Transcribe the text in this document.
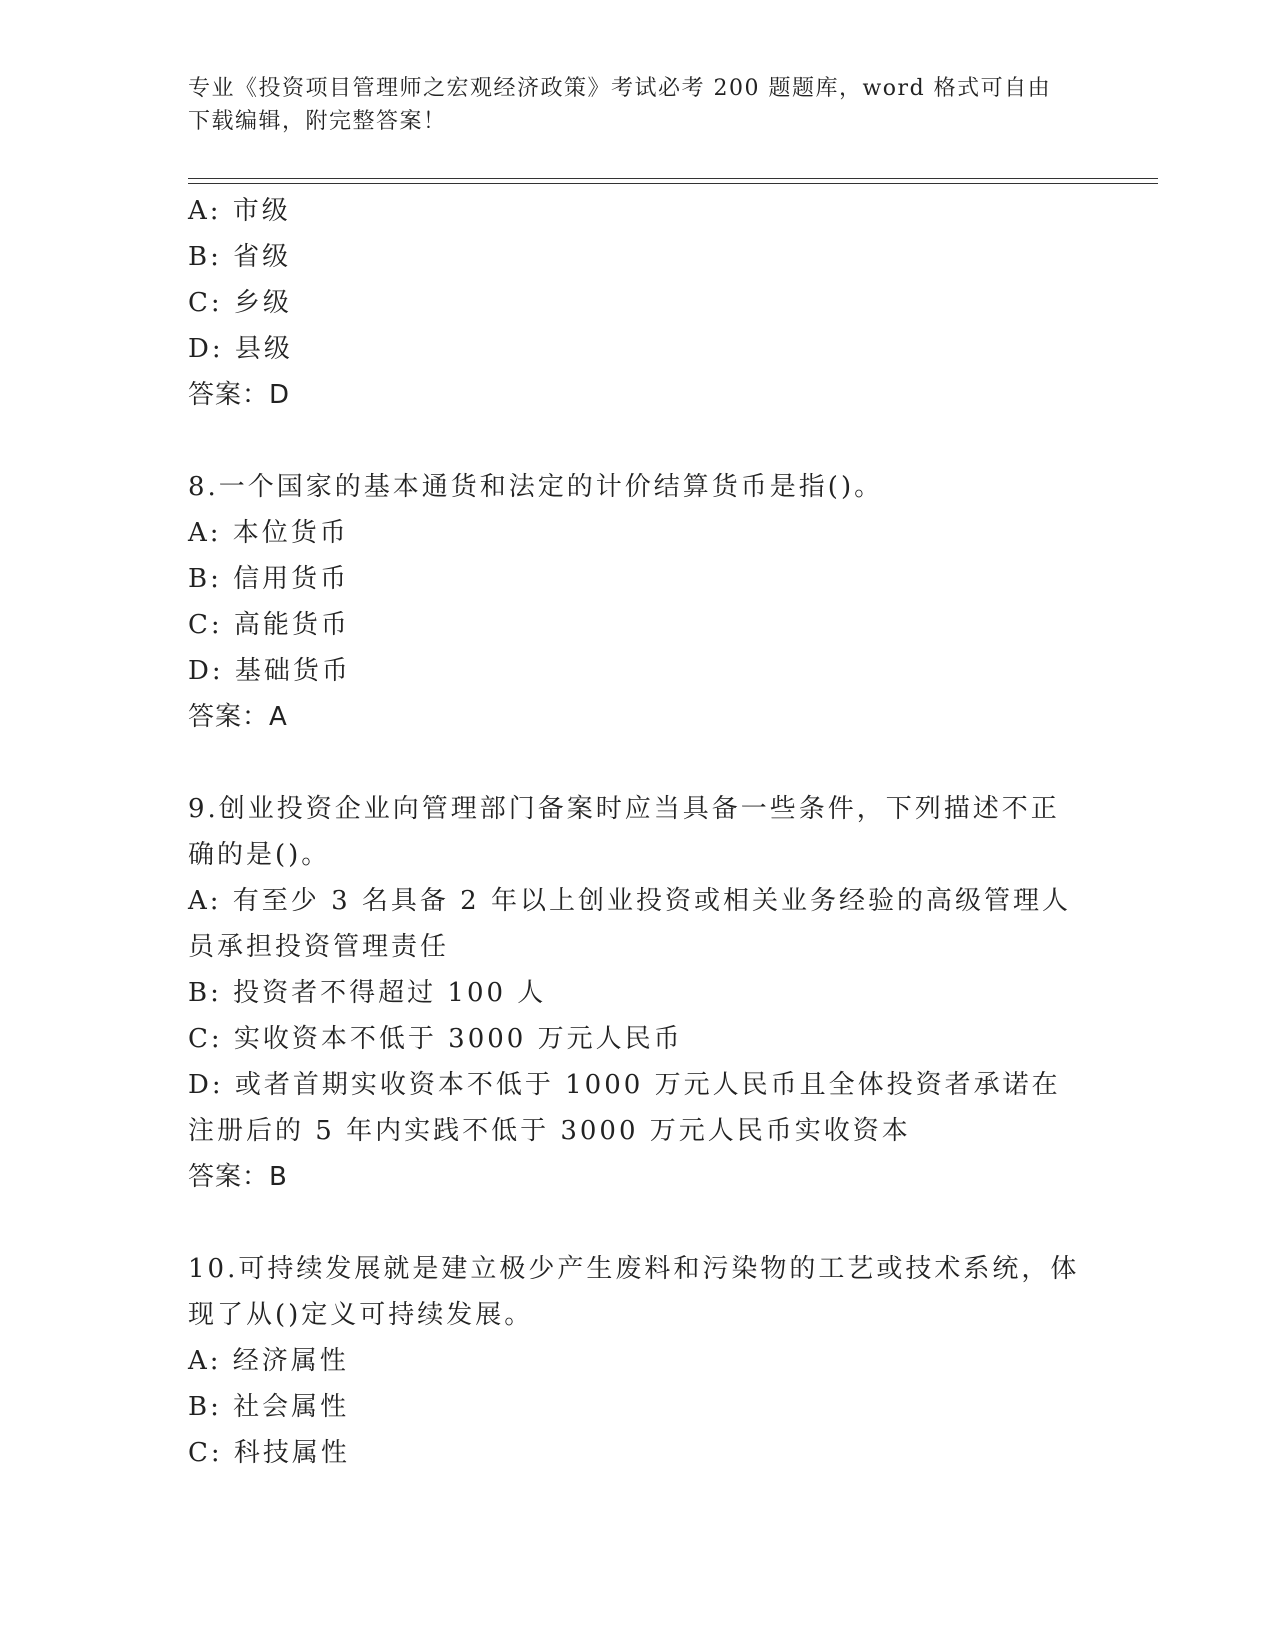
专业《投资项目管理师之宏观经济政策》考试必考 200 题题库，word 格式可自由
下载编辑，附完整答案！
A: 市级
B: 省级
C: 乡级
D: 县级
答案：D
8.一个国家的基本通货和法定的计价结算货币是指()。
A: 本位货币
B: 信用货币
C: 高能货币
D: 基础货币
答案：A
9.创业投资企业向管理部门备案时应当具备一些条件，下列描述不正确的是()。
A: 有至少 3 名具备 2 年以上创业投资或相关业务经验的高级管理人员承担投资管理责任
B: 投资者不得超过 100 人
C: 实收资本不低于 3000 万元人民币
D: 或者首期实收资本不低于 1000 万元人民币且全体投资者承诺在注册后的 5 年内实践不低于 3000 万元人民币实收资本
答案：B
10.可持续发展就是建立极少产生废料和污染物的工艺或技术系统，体现了从()定义可持续发展。
A: 经济属性
B: 社会属性
C: 科技属性
